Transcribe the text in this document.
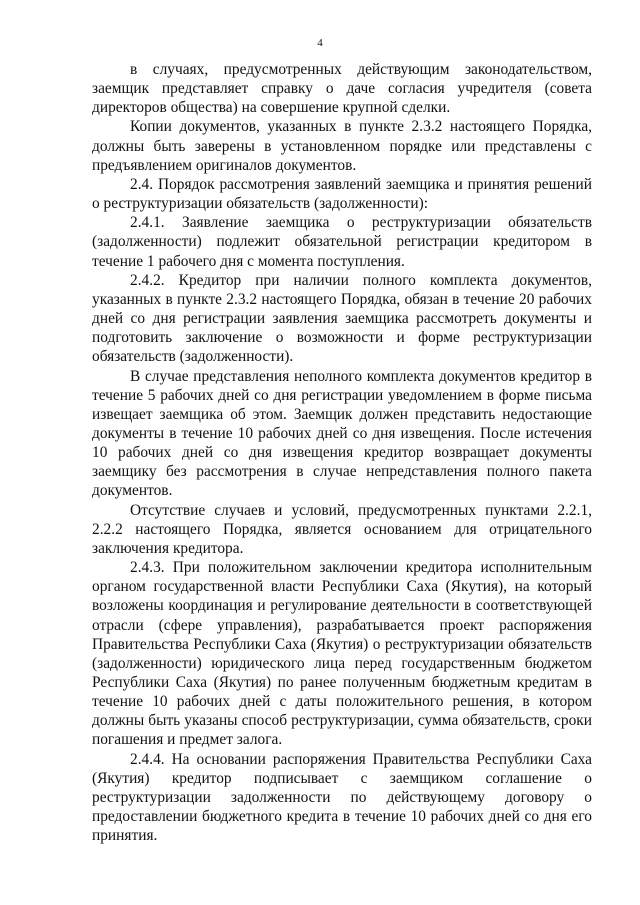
4

в случаях, предусмотренных действующим законодательством, заемщик представляет справку о даче согласия учредителя (совета директоров общества) на совершение крупной сделки.

Копии документов, указанных в пункте 2.3.2 настоящего Порядка, должны быть заверены в установленном порядке или представлены с предъявлением оригиналов документов.

2.4. Порядок рассмотрения заявлений заемщика и принятия решений о реструктуризации обязательств (задолженности):

2.4.1. Заявление заемщика о реструктуризации обязательств (задолженности) подлежит обязательной регистрации кредитором в течение 1 рабочего дня с момента поступления.

2.4.2. Кредитор при наличии полного комплекта документов, указанных в пункте 2.3.2 настоящего Порядка, обязан в течение 20 рабочих дней со дня регистрации заявления заемщика рассмотреть документы и подготовить заключение о возможности и форме реструктуризации обязательств (задолженности).

В случае представления неполного комплекта документов кредитор в течение 5 рабочих дней со дня регистрации уведомлением в форме письма извещает заемщика об этом. Заемщик должен представить недостающие документы в течение 10 рабочих дней со дня извещения. После истечения 10 рабочих дней со дня извещения кредитор возвращает документы заемщику без рассмотрения в случае непредставления полного пакета документов.

Отсутствие случаев и условий, предусмотренных пунктами 2.2.1, 2.2.2 настоящего Порядка, является основанием для отрицательного заключения кредитора.

2.4.3. При положительном заключении кредитора исполнительным органом государственной власти Республики Саха (Якутия), на который возложены координация и регулирование деятельности в соответствующей отрасли (сфере управления), разрабатывается проект распоряжения Правительства Республики Саха (Якутия) о реструктуризации обязательств (задолженности) юридического лица перед государственным бюджетом Республики Саха (Якутия) по ранее полученным бюджетным кредитам в течение 10 рабочих дней с даты положительного решения, в котором должны быть указаны способ реструктуризации, сумма обязательств, сроки погашения и предмет залога.

2.4.4. На основании распоряжения Правительства Республики Саха (Якутия) кредитор подписывает с заемщиком соглашение о реструктуризации задолженности по действующему договору о предоставлении бюджетного кредита в течение 10 рабочих дней со дня его принятия.
